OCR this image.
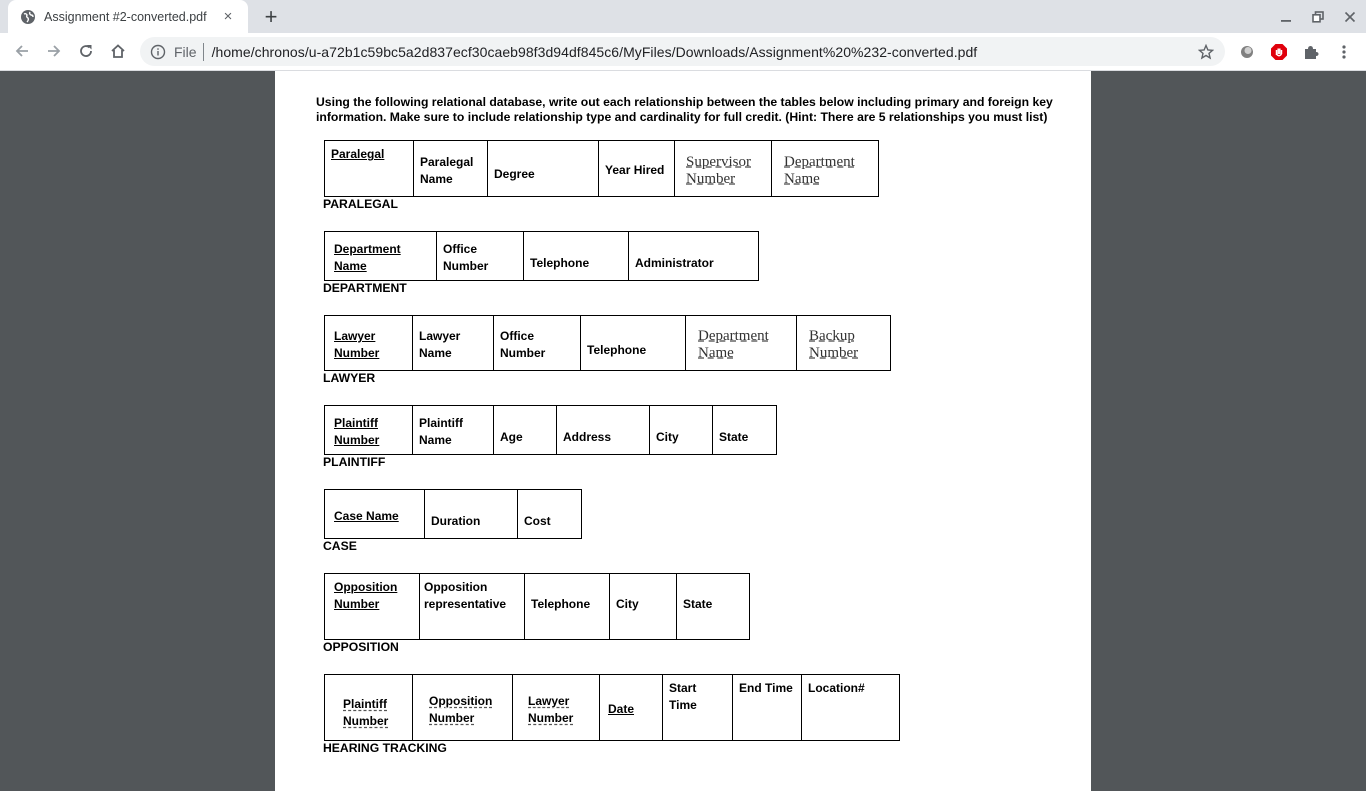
Assignment #2-converted.pdf	× +
File /home/chronos/u-a72b1c59bc5a2d837ecf30caeb98f3d94df845c6/MyFiles/Downloads/Assignment%20%232-converted.pdf
Using the following relational database, write out each relationship between the tables below including primary and foreign key information. Make sure to include relationship type and cardinality for full credit. (Hint: There are 5 relationships you must list)
Paralegal	Paralegal Name	Degree	Year Hired	Supervisor Number	Department Name
PARALEGAL
Department Name	Office Number	Telephone	Administrator
DEPARTMENT
Lawyer Number	Lawyer Name	Office Number	Telephone	Department Name	Backup Number
LAWYER
Plaintiff Number	Plaintiff Name	Age	Address	City	State
PLAINTIFF
Case Name	Duration	Cost
CASE
Opposition Number	Opposition representative	Telephone	City	State
OPPOSITION
Plaintiff Number	Opposition Number	Lawyer Number	Date	Start Time	End Time	Location#
HEARING TRACKING
